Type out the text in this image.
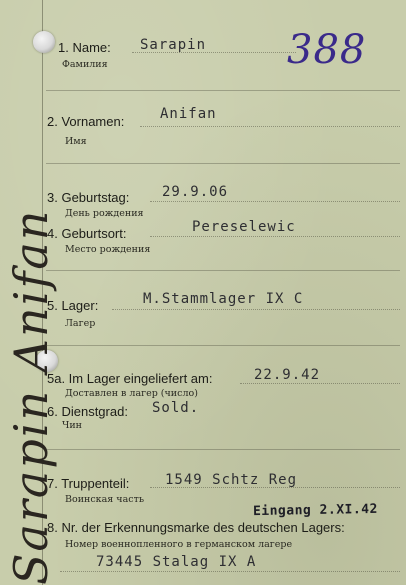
Sarapin Anifan
388
1. Name: Sarapin
Фамилия
2. Vornamen:	Anifan
Имя
3. Geburtstag: 29.9.06
День рождения
4. Geburtsort:	Pereselewic
Место рождения
5. Lager:	M.Stammlager IX C
Лагер
5a. Im Lager eingeliefert am:	22.9.42
Доставлен в лагер (число)
6. Dienstgrad: Sold.
Чин
7. Truppenteil:	1549 Schtz Reg
Воинская часть
Eingang 2.XI.42
8. Nr. der Erkennungsmarke des deutschen Lagers:
Номер военнопленного в германском лагере
73445 Stalag IX A
